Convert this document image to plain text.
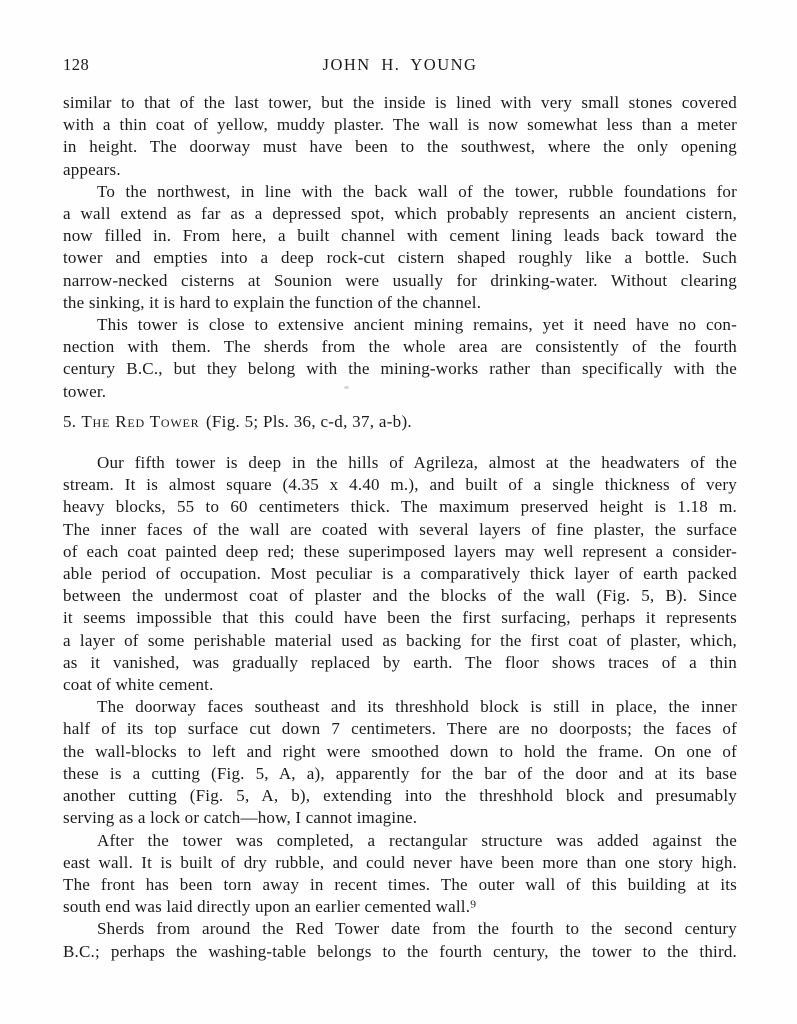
128	JOHN H. YOUNG

similar to that of the last tower, but the inside is lined with very small stones covered
with a thin coat of yellow, muddy plaster. The wall is now somewhat less than a meter
in height. The doorway must have been to the southwest, where the only opening
appears.

To the northwest, in line with the back wall of the tower, rubble foundations for
a wall extend as far as a depressed spot, which probably represents an ancient cistern,
now filled in. From here, a built channel with cement lining leads back toward the
tower and empties into a deep rock-cut cistern shaped roughly like a bottle. Such
narrow-necked cisterns at Sounion were usually for drinking-water. Without clearing
the sinking, it is hard to explain the function of the channel.

This tower is close to extensive ancient mining remains, yet it need have no con-
nection with them. The sherds from the whole area are consistently of the fourth
century B.C., but they belong with the mining-works rather than specifically with the
tower.

5. The Red Tower (Fig. 5; Pls. 36, c-d, 37, a-b).

Our fifth tower is deep in the hills of Agrileza, almost at the headwaters of the
stream. It is almost square (4.35 x 4.40 m.), and built of a single thickness of very
heavy blocks, 55 to 60 centimeters thick. The maximum preserved height is 1.18 m.
The inner faces of the wall are coated with several layers of fine plaster, the surface
of each coat painted deep red; these superimposed layers may well represent a consider-
able period of occupation. Most peculiar is a comparatively thick layer of earth packed
between the undermost coat of plaster and the blocks of the wall (Fig. 5, B). Since
it seems impossible that this could have been the first surfacing, perhaps it represents
a layer of some perishable material used as backing for the first coat of plaster, which,
as it vanished, was gradually replaced by earth. The floor shows traces of a thin
coat of white cement.

The doorway faces southeast and its threshhold block is still in place, the inner
half of its top surface cut down 7 centimeters. There are no doorposts; the faces of
the wall-blocks to left and right were smoothed down to hold the frame. On one of
these is a cutting (Fig. 5, A, a), apparently for the bar of the door and at its base
another cutting (Fig. 5, A, b), extending into the threshhold block and presumably
serving as a lock or catch—how, I cannot imagine.

After the tower was completed, a rectangular structure was added against the
east wall. It is built of dry rubble, and could never have been more than one story high.
The front has been torn away in recent times. The outer wall of this building at its
south end was laid directly upon an earlier cemented wall.⁹

Sherds from around the Red Tower date from the fourth to the second century
B.C.; perhaps the washing-table belongs to the fourth century, the tower to the third.
